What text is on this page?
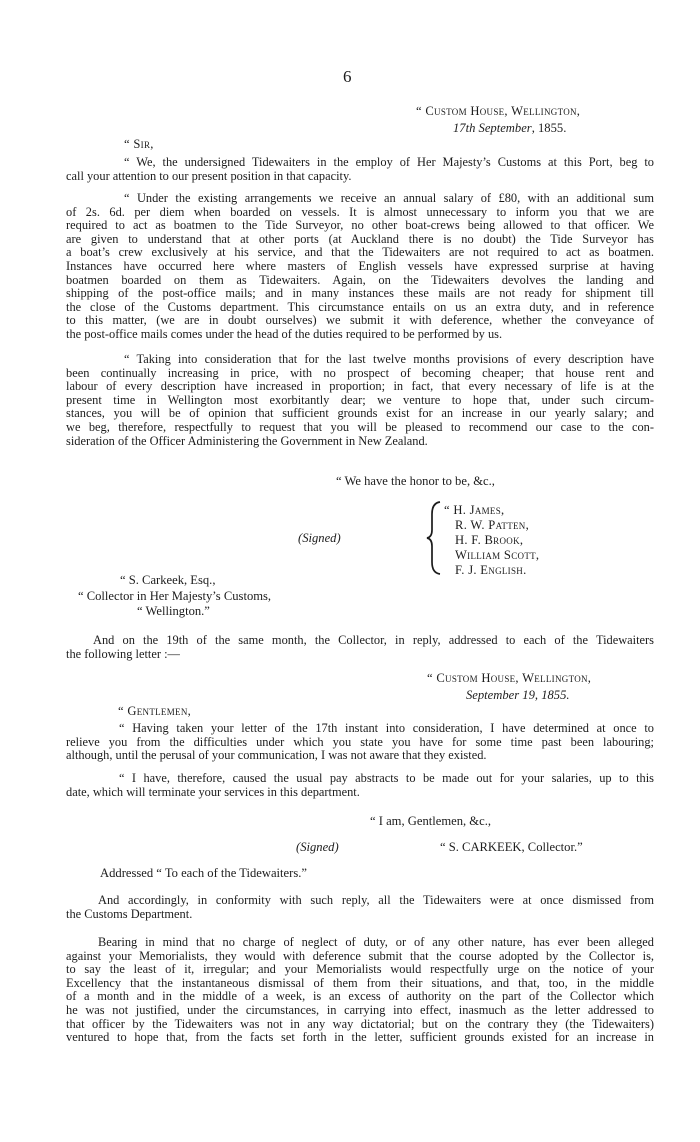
6
“ Custom House, Wellington,
17th September, 1855.
“ Sir,
“ We, the undersigned Tidewaiters in the employ of Her Majesty’s Customs at this Port, beg to
call your attention to our present position in that capacity.
“ Under the existing arrangements we receive an annual salary of £80, with an additional sum
of 2s. 6d. per diem when boarded on vessels. It is almost unnecessary to inform you that we are
required to act as boatmen to the Tide Surveyor, no other boat-crews being allowed to that officer. We
are given to understand that at other ports (at Auckland there is no doubt) the Tide Surveyor has
a boat’s crew exclusively at his service, and that the Tidewaiters are not required to act as boatmen.
Instances have occurred here where masters of English vessels have expressed surprise at having
boatmen boarded on them as Tidewaiters. Again, on the Tidewaiters devolves the landing and
shipping of the post-office mails; and in many instances these mails are not ready for shipment till
the close of the Customs department. This circumstance entails on us an extra duty, and in reference
to this matter, (we are in doubt ourselves) we submit it with deference, whether the conveyance of
the post-office mails comes under the head of the duties required to be performed by us.
“ Taking into consideration that for the last twelve months provisions of every description have
been continually increasing in price, with no prospect of becoming cheaper; that house rent and
labour of every description have increased in proportion; in fact, that every necessary of life is at the
present time in Wellington most exorbitantly dear; we venture to hope that, under such circum-
stances, you will be of opinion that sufficient grounds exist for an increase in our yearly salary; and
we beg, therefore, respectfully to request that you will be pleased to recommend our case to the con-
sideration of the Officer Administering the Government in New Zealand.
“ We have the honor to be, &c.,
(Signed)
“ H. James,
R. W. Patten,
H. F. Brook,
William Scott,
F. J. English.
“ S. Carkeek, Esq.,
“ Collector in Her Majesty’s Customs,
“ Wellington.”
And on the 19th of the same month, the Collector, in reply, addressed to each of the Tidewaiters
the following letter :—
“ Custom House, Wellington,
September 19, 1855.
“ Gentlemen,
“ Having taken your letter of the 17th instant into consideration, I have determined at once to
relieve you from the difficulties under which you state you have for some time past been labouring;
although, until the perusal of your communication, I was not aware that they existed.
“ I have, therefore, caused the usual pay abstracts to be made out for your salaries, up to this
date, which will terminate your services in this department.
“ I am, Gentlemen, &c.,
(Signed)	“ S. CARKEEK, Collector.”
Addressed “ To each of the Tidewaiters.”
And accordingly, in conformity with such reply, all the Tidewaiters were at once dismissed from
the Customs Department.
Bearing in mind that no charge of neglect of duty, or of any other nature, has ever been alleged
against your Memorialists, they would with deference submit that the course adopted by the Collector is,
to say the least of it, irregular; and your Memorialists would respectfully urge on the notice of your
Excellency that the instantaneous dismissal of them from their situations, and that, too, in the middle
of a month and in the middle of a week, is an excess of authority on the part of the Collector which
he was not justified, under the circumstances, in carrying into effect, inasmuch as the letter addressed to
that officer by the Tidewaiters was not in any way dictatorial; but on the contrary they (the Tidewaiters)
ventured to hope that, from the facts set forth in the letter, sufficient grounds existed for an increase in
